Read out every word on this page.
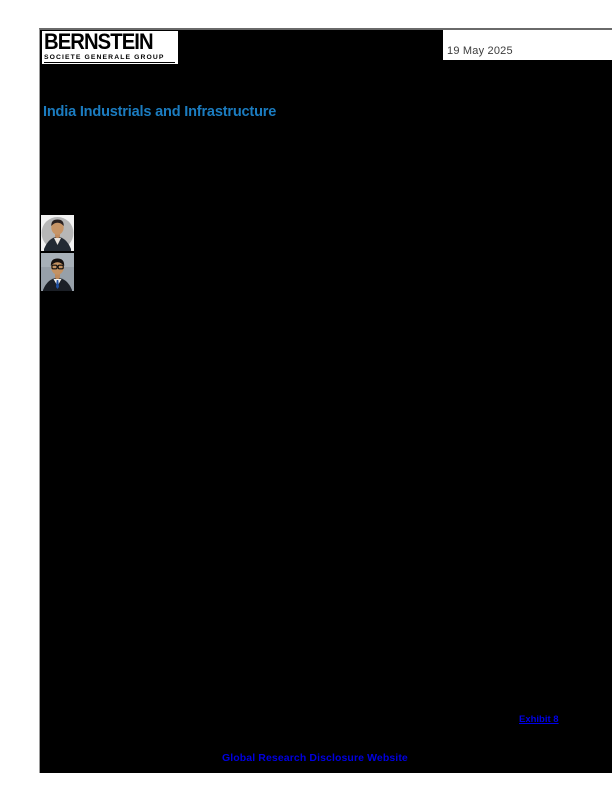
BERNSTEIN
SOCIETE GENERALE GROUP
19 May 2025
India Industrials and Infrastructure
Exhibit 8
Global Research Disclosure Website
